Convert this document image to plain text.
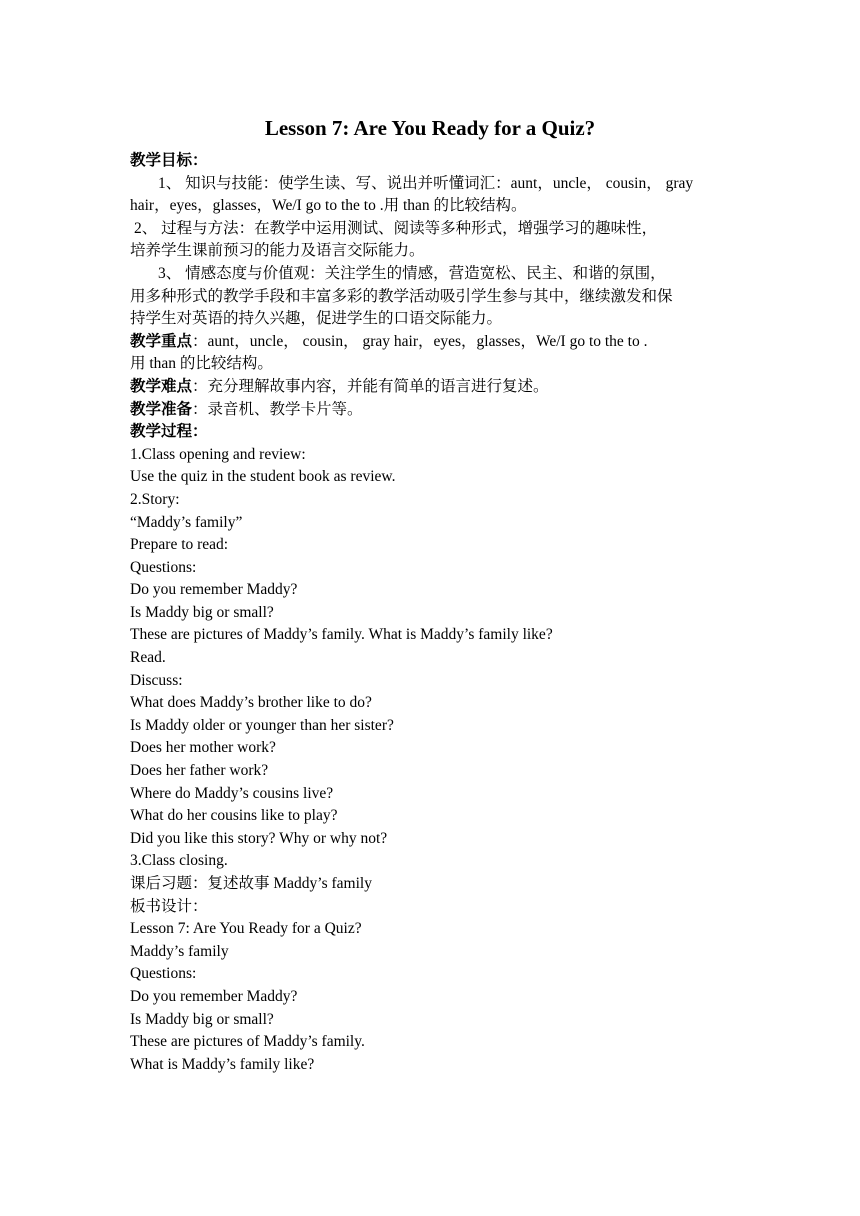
Lesson 7: Are You Ready for a Quiz?
教学目标：
1、 知识与技能：使学生读、写、说出并听懂词汇：aunt，uncle， cousin， gray
hair，eyes，glasses，We/I go to the to .用 than 的比较结构。
2、 过程与方法：在教学中运用测试、阅读等多种形式，增强学习的趣味性，
培养学生课前预习的能力及语言交际能力。
3、 情感态度与价值观：关注学生的情感，营造宽松、民主、和谐的氛围，
用多种形式的教学手段和丰富多彩的教学活动吸引学生参与其中，继续激发和保
持学生对英语的持久兴趣，促进学生的口语交际能力。
教学重点：aunt，uncle， cousin， gray hair，eyes，glasses，We/I go to the to .
用 than 的比较结构。
教学难点：充分理解故事内容，并能有简单的语言进行复述。
教学准备：录音机、教学卡片等。
教学过程：
1.Class opening and review:
Use the quiz in the student book as review.
2.Story:
“Maddy’s family”
Prepare to read:
Questions:
Do you remember Maddy?
Is Maddy big or small?
These are pictures of Maddy’s family. What is Maddy’s family like?
Read.
Discuss:
What does Maddy’s brother like to do?
Is Maddy older or younger than her sister?
Does her mother work?
Does her father work?
Where do Maddy’s cousins live?
What do her cousins like to play?
Did you like this story? Why or why not?
3.Class closing.
课后习题：复述故事 Maddy’s family
板书设计：
Lesson 7: Are You Ready for a Quiz?
Maddy’s family
Questions:
Do you remember Maddy?
Is Maddy big or small?
These are pictures of Maddy’s family.
What is Maddy’s family like?
